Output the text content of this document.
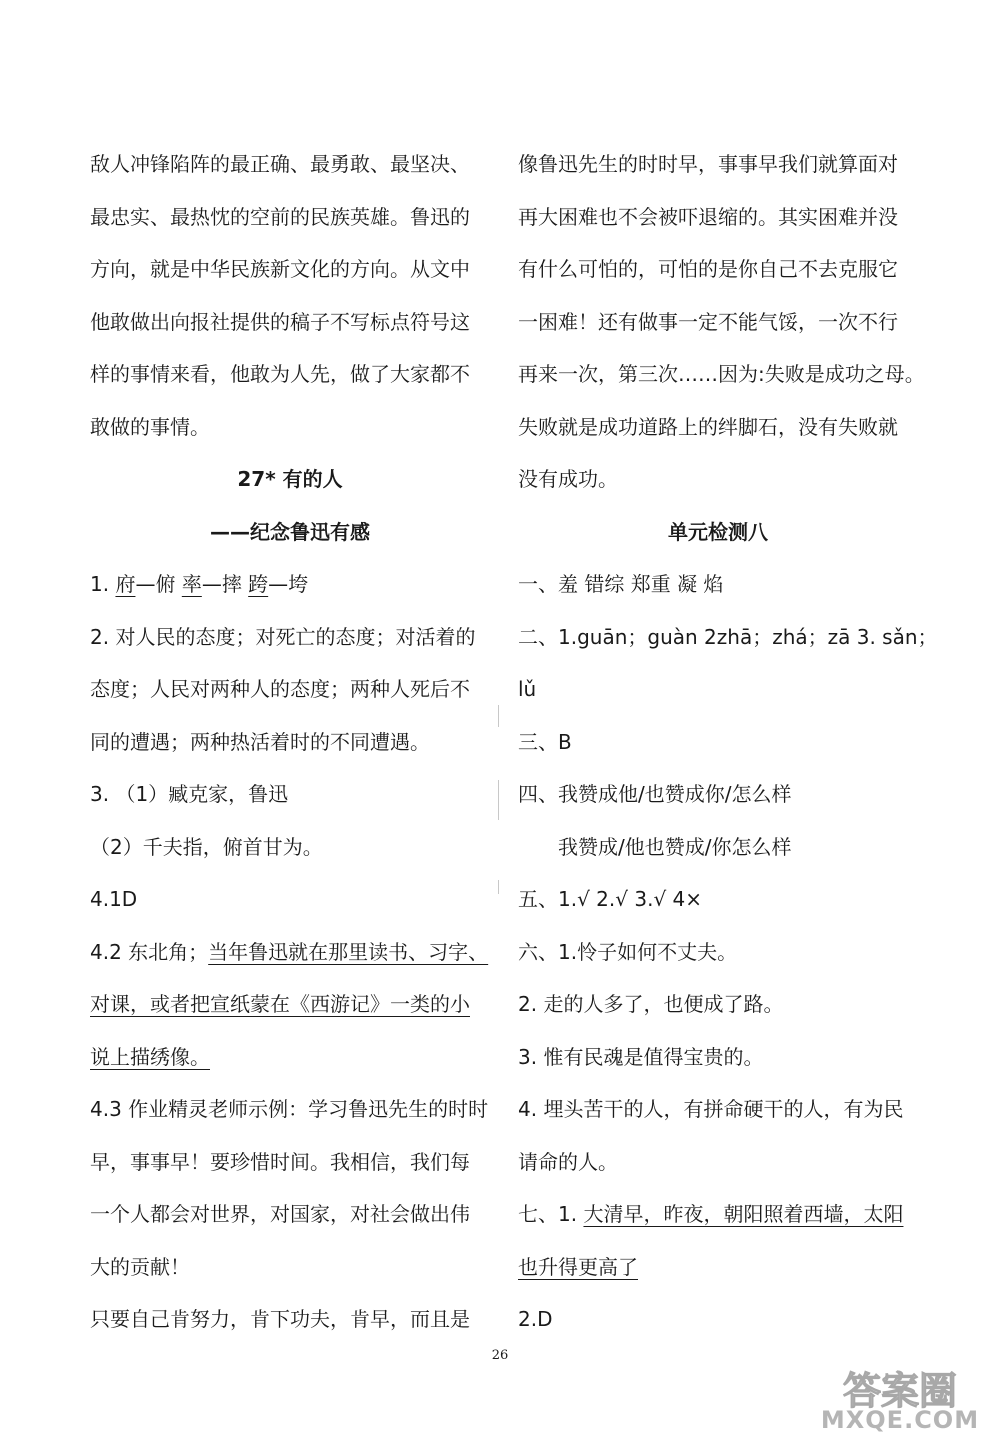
敌人冲锋陷阵的最正确、最勇敢、最坚决、
最忠实、最热忱的空前的民族英雄。鲁迅的
方向，就是中华民族新文化的方向。从文中
他敢做出向报社提供的稿子不写标点符号这
样的事情来看，他敢为人先，做了大家都不
敢做的事情。
27* 有的人
——纪念鲁迅有感
1. 府—俯 率—摔 跨—垮
2. 对人民的态度；对死亡的态度；对活着的
态度；人民对两种人的态度；两种人死后不
同的遭遇；两种热活着时的不同遭遇。
3. （1）臧克家，鲁迅
（2）千夫指，俯首甘为。
4.1D
4.2 东北角；当年鲁迅就在那里读书、习字、
对课，或者把宣纸蒙在《西游记》一类的小
说上描绣像。
4.3 作业精灵老师示例：学习鲁迅先生的时时
早，事事早！要珍惜时间。我相信，我们每
一个人都会对世界，对国家，对社会做出伟
大的贡献！
只要自己肯努力，肯下功夫，肯早，而且是
像鲁迅先生的时时早，事事早我们就算面对
再大困难也不会被吓退缩的。其实困难并没
有什么可怕的，可怕的是你自己不去克服它
一困难！还有做事一定不能气馁，一次不行
再来一次，第三次……因为:失败是成功之母。
失败就是成功道路上的绊脚石，没有失败就
没有成功。
单元检测八
一、羞 错综 郑重 凝 焰
二、1.guān；guàn 2zhā；zhá；zā 3. sǎn；
lǔ
三、B
四、我赞成他/也赞成你/怎么样
我赞成/他也赞成/你怎么样
五、1.√ 2.√ 3.√ 4×
六、1.怜子如何不丈夫。
2. 走的人多了，也便成了路。
3. 惟有民魂是值得宝贵的。
4. 埋头苦干的人，有拼命硬干的人，有为民
请命的人。
七、1. 大清早，昨夜，朝阳照着西墙，太阳
也升得更高了
2.D
26
答案圈
MXQE.COM
